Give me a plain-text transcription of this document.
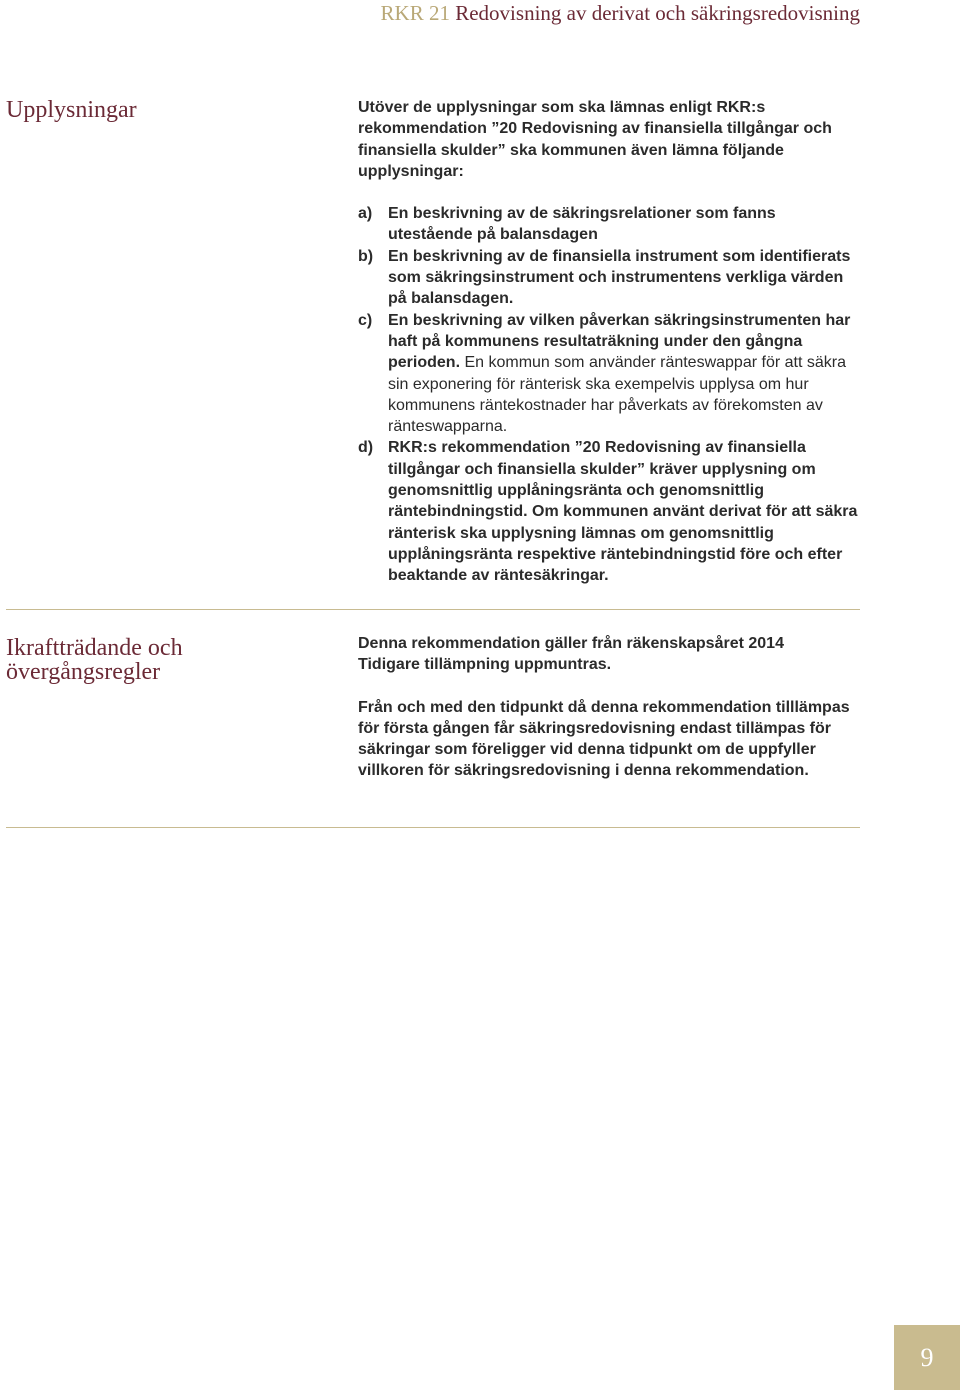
RKR 21 Redovisning av derivat och säkringsredovisning
Upplysningar	Utöver de upplysningar som ska lämnas enligt RKR:s rekommendation ”20 Redovisning av finansiella tillgångar och finansiella skulder” ska kommunen även lämna följande upplysningar:

a) En beskrivning av de säkringsrelationer som fanns utestående på balansdagen
b) En beskrivning av de finansiella instrument som identifierats som säkringsinstrument och instrumentens verkliga värden på balansdagen.
c) En beskrivning av vilken påverkan säkringsinstrumenten har haft på kommunens resultaträkning under den gångna perioden. En kommun som använder ränteswappar för att säkra sin exponering för ränterisk ska exempelvis upplysa om hur kommunens räntekostnader har påverkats av förekomsten av ränteswapparna.
d) RKR:s rekommendation ”20 Redovisning av finansiella tillgångar och finansiella skulder” kräver upplysning om genomsnittlig upplåningsränta och genomsnittlig räntebindningstid. Om kommunen använt derivat för att säkra ränterisk ska upplysning lämnas om genomsnittlig upplåningsränta respektive räntebindningstid före och efter beaktande av räntesäkringar.
Ikraftträdande och
övergångsregler

Denna rekommendation gäller från räkenskapsåret 2014
Tidigare tillämpning uppmuntras.

Från och med den tidpunkt då denna rekommendation tilllämpas för första gången får säkringsredovisning endast tillämpas för säkringar som föreligger vid denna tidpunkt om de uppfyller villkoren för säkringsredovisning i denna rekommendation.

9
